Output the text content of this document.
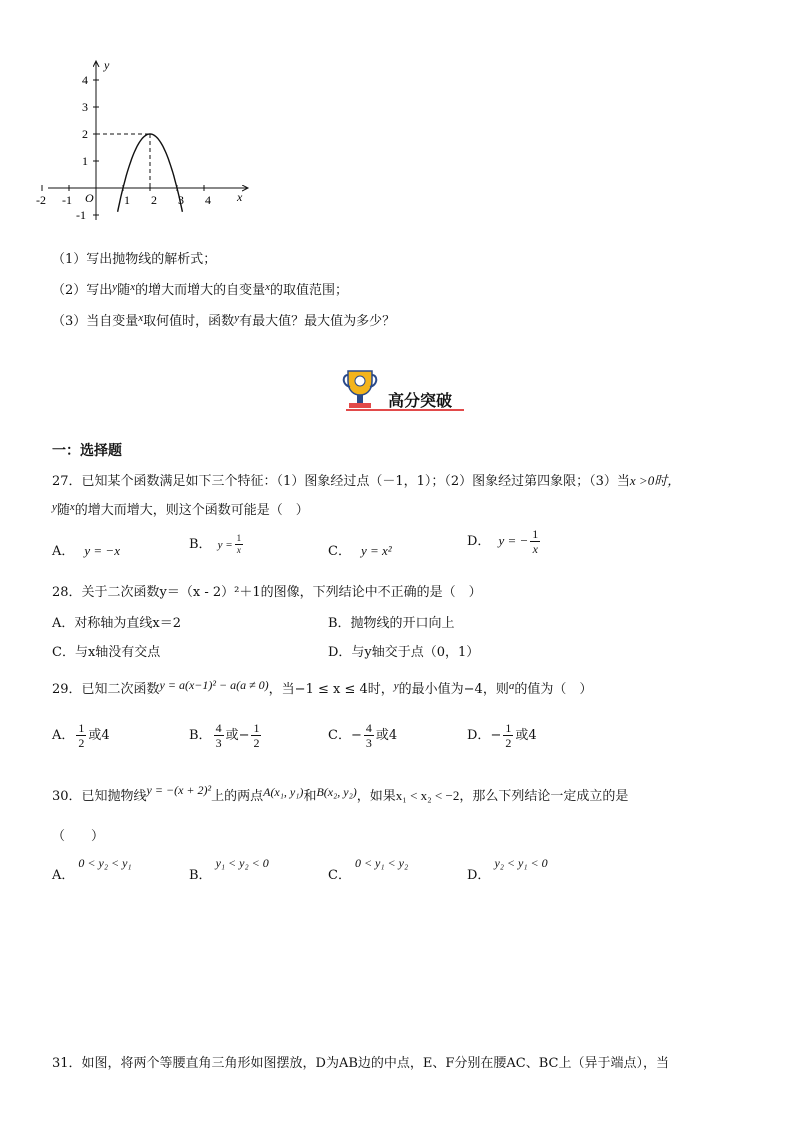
y
x
O
4
3
2
1
-1
-2 -1	1 2 3 4
（1）写出抛物线的解析式；
（2）写出$^y$随$^x$的增大而增大的自变量$^x$的取值范围；
（3）当自变量$^x$取何值时，函数$^y$有最大值？最大值为多少？
高分突破
一：选择题
27．已知某个函数满足如下三个特征：（1）图象经过点（－1，1）；（2）图象经过第四象限；（3）当x >0时，
$^y$随$^x$的增大而增大，则这个函数可能是（　）
A． y = −x	B． $y = \frac{1}{x}$	C． y = x²
D． y = − $\frac{1}{x}$
28．关于二次函数y＝（x - 2）²＋1的图像，下列结论中不正确的是（　）
A．对称轴为直线x＝2	B．抛物线的开口向上
C．与x轴没有交点	D．与y轴交于点（0，1）
29．已知二次函数y = a(x−1)² − a(a ≠ 0)，当−1 ≤ x ≤ 4时，$^y$的最小值为−4，则$^a$的值为（　）
A． $\frac{1}{2}$ 或4	B． $\frac{4}{3}$ 或− $\frac{1}{2}$	C．− $\frac{4}{3}$ 或4	D．− $\frac{1}{2}$ 或4
30．已知抛物线y = −(x + 2)²上的两点A(x₁, y₁)和B(x₂, y₂)，如果x₁ < x₂ < −2，那么下列结论一定成立的是
（　　）
A．0 < y₂ < y₁
B．y₁ < y₂ < 0
C．0 < y₁ < y₂
D．y₂ < y₁ < 0
31．如图，将两个等腰直角三角形如图摆放，D为AB边的中点，E、F分别在腰AC、BC上（异于端点），当
